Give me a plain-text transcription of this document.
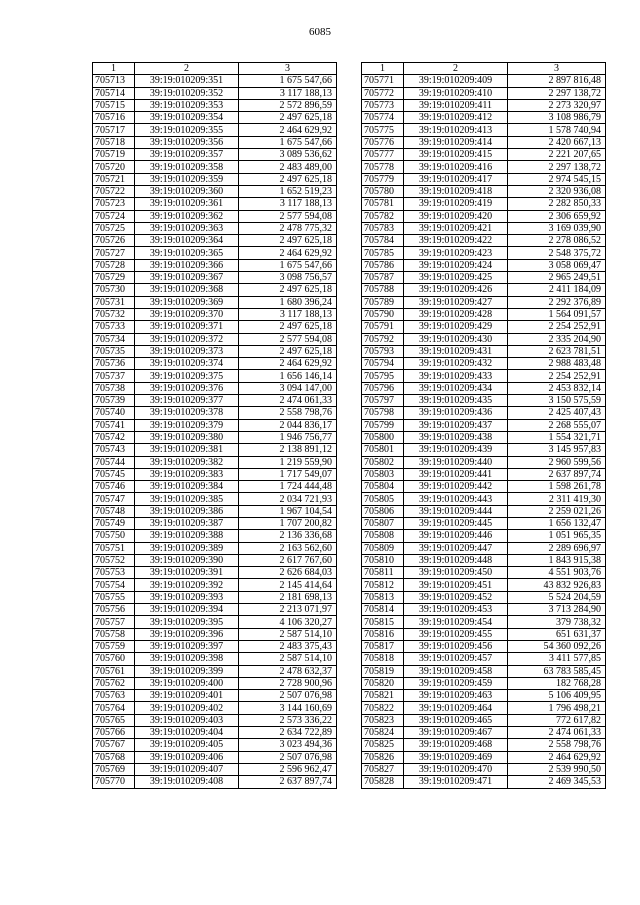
6085
1	2	3
705713	39:19:010209:351	1 675 547,66
705714	39:19:010209:352	3 117 188,13
705715	39:19:010209:353	2 572 896,59
705716	39:19:010209:354	2 497 625,18
705717	39:19:010209:355	2 464 629,92
705718	39:19:010209:356	1 675 547,66
705719	39:19:010209:357	3 089 536,62
705720	39:19:010209:358	2 483 489,00
705721	39:19:010209:359	2 497 625,18
705722	39:19:010209:360	1 652 519,23
705723	39:19:010209:361	3 117 188,13
705724	39:19:010209:362	2 577 594,08
705725	39:19:010209:363	2 478 775,32
705726	39:19:010209:364	2 497 625,18
705727	39:19:010209:365	2 464 629,92
705728	39:19:010209:366	1 675 547,66
705729	39:19:010209:367	3 098 756,57
705730	39:19:010209:368	2 497 625,18
705731	39:19:010209:369	1 680 396,24
705732	39:19:010209:370	3 117 188,13
705733	39:19:010209:371	2 497 625,18
705734	39:19:010209:372	2 577 594,08
705735	39:19:010209:373	2 497 625,18
705736	39:19:010209:374	2 464 629,92
705737	39:19:010209:375	1 656 146,14
705738	39:19:010209:376	3 094 147,00
705739	39:19:010209:377	2 474 061,33
705740	39:19:010209:378	2 558 798,76
705741	39:19:010209:379	2 044 836,17
705742	39:19:010209:380	1 946 756,77
705743	39:19:010209:381	2 138 891,12
705744	39:19:010209:382	1 219 559,90
705745	39:19:010209:383	1 717 549,07
705746	39:19:010209:384	1 724 444,48
705747	39:19:010209:385	2 034 721,93
705748	39:19:010209:386	1 967 104,54
705749	39:19:010209:387	1 707 200,82
705750	39:19:010209:388	2 136 336,68
705751	39:19:010209:389	2 163 562,60
705752	39:19:010209:390	2 617 767,60
705753	39:19:010209:391	2 626 684,03
705754	39:19:010209:392	2 145 414,64
705755	39:19:010209:393	2 181 698,13
705756	39:19:010209:394	2 213 071,97
705757	39:19:010209:395	4 106 320,27
705758	39:19:010209:396	2 587 514,10
705759	39:19:010209:397	2 483 375,43
705760	39:19:010209:398	2 587 514,10
705761	39:19:010209:399	2 478 632,37
705762	39:19:010209:400	2 728 900,96
705763	39:19:010209:401	2 507 076,98
705764	39:19:010209:402	3 144 160,69
705765	39:19:010209:403	2 573 336,22
705766	39:19:010209:404	2 634 722,89
705767	39:19:010209:405	3 023 494,36
705768	39:19:010209:406	2 507 076,98
705769	39:19:010209:407	2 596 962,47
705770	39:19:010209:408	2 637 897,74
1	2	3
705771	39:19:010209:409	2 897 816,48
705772	39:19:010209:410	2 297 138,72
705773	39:19:010209:411	2 273 320,97
705774	39:19:010209:412	3 108 986,79
705775	39:19:010209:413	1 578 740,94
705776	39:19:010209:414	2 420 667,13
705777	39:19:010209:415	2 221 207,65
705778	39:19:010209:416	2 297 138,72
705779	39:19:010209:417	2 974 545,15
705780	39:19:010209:418	2 320 936,08
705781	39:19:010209:419	2 282 850,33
705782	39:19:010209:420	2 306 659,92
705783	39:19:010209:421	3 169 039,90
705784	39:19:010209:422	2 278 086,52
705785	39:19:010209:423	2 548 375,72
705786	39:19:010209:424	3 058 069,47
705787	39:19:010209:425	2 965 249,51
705788	39:19:010209:426	2 411 184,09
705789	39:19:010209:427	2 292 376,89
705790	39:19:010209:428	1 564 091,57
705791	39:19:010209:429	2 254 252,91
705792	39:19:010209:430	2 335 204,90
705793	39:19:010209:431	2 623 781,51
705794	39:19:010209:432	2 988 483,48
705795	39:19:010209:433	2 254 252,91
705796	39:19:010209:434	2 453 832,14
705797	39:19:010209:435	3 150 575,59
705798	39:19:010209:436	2 425 407,43
705799	39:19:010209:437	2 268 555,07
705800	39:19:010209:438	1 554 321,71
705801	39:19:010209:439	3 145 957,83
705802	39:19:010209:440	2 960 599,56
705803	39:19:010209:441	2 637 897,74
705804	39:19:010209:442	1 598 261,78
705805	39:19:010209:443	2 311 419,30
705806	39:19:010209:444	2 259 021,26
705807	39:19:010209:445	1 656 132,47
705808	39:19:010209:446	1 051 965,35
705809	39:19:010209:447	2 289 696,97
705810	39:19:010209:448	1 843 915,38
705811	39:19:010209:450	4 551 903,76
705812	39:19:010209:451	43 832 926,83
705813	39:19:010209:452	5 524 204,59
705814	39:19:010209:453	3 713 284,90
705815	39:19:010209:454	379 738,32
705816	39:19:010209:455	651 631,37
705817	39:19:010209:456	54 360 092,26
705818	39:19:010209:457	3 411 577,85
705819	39:19:010209:458	63 783 585,45
705820	39:19:010209:459	182 768,28
705821	39:19:010209:463	5 106 409,95
705822	39:19:010209:464	1 796 498,21
705823	39:19:010209:465	772 617,82
705824	39:19:010209:467	2 474 061,33
705825	39:19:010209:468	2 558 798,76
705826	39:19:010209:469	2 464 629,92
705827	39:19:010209:470	2 539 990,50
705828	39:19:010209:471	2 469 345,53
